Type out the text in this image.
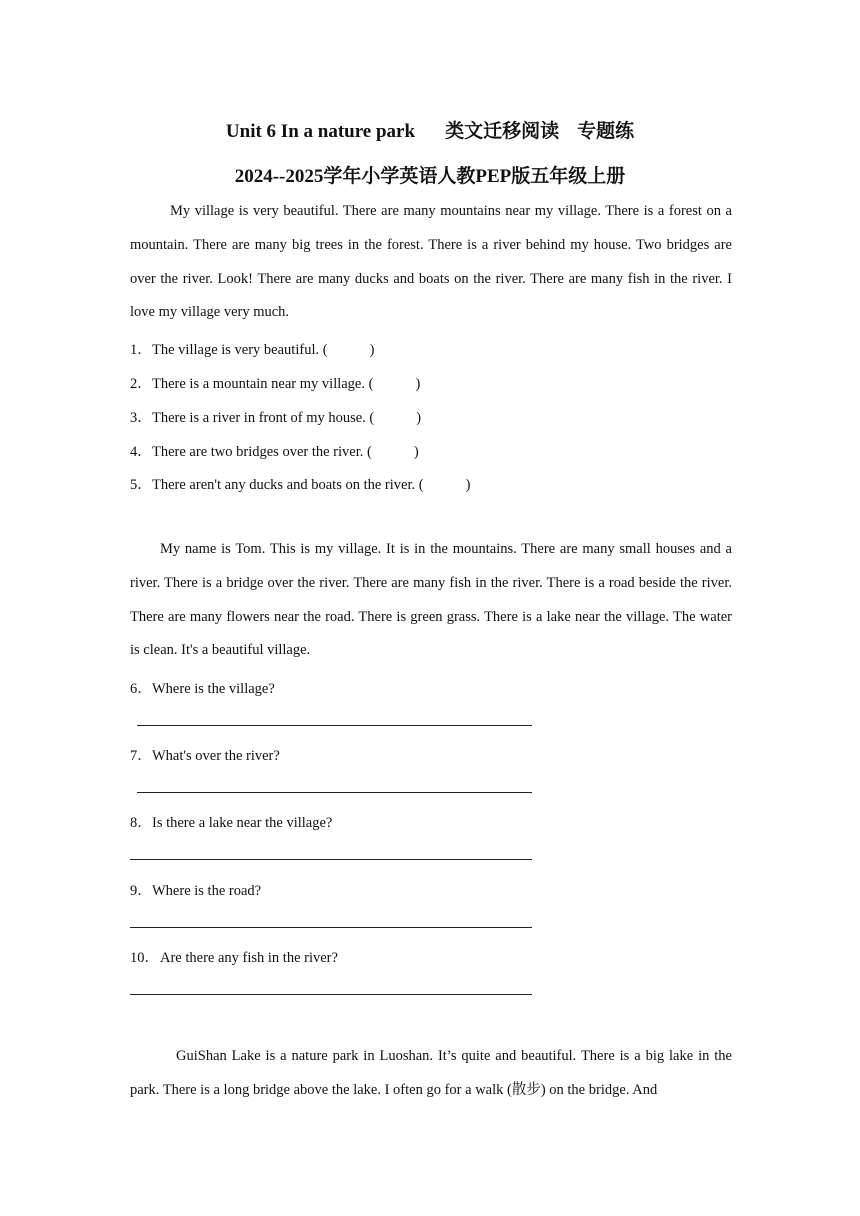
Unit 6 In a nature park 类文迁移阅读 专题练
2024--2025学年小学英语人教PEP版五年级上册

My village is very beautiful. There are many mountains near my village. There is a forest on a mountain. There are many big trees in the forest. There is a river behind my house. Two bridges are over the river. Look! There are many ducks and boats on the river. There are many fish in the river. I love my village very much.

1．The village is very beautiful. (	)
2．There is a mountain near my village. (	)
3．There is a river in front of my house. (	)
4．There are two bridges over the river. (	)
5．There aren't any ducks and boats on the river. (	)

My name is Tom. This is my village. It is in the mountains. There are many small houses and a river. There is a bridge over the river. There are many fish in the river. There is a road beside the river. There are many flowers near the road. There is green grass. There is a lake near the village. The water is clean. It's a beautiful village.

6．Where is the village?
7．What's over the river?
8．Is there a lake near the village?
9．Where is the road?
10．Are there any fish in the river?

GuiShan Lake is a nature park in Luoshan. It’s quite and beautiful. There is a big lake in the park. There is a long bridge above the lake. I often go for a walk (散步) on the bridge. And
